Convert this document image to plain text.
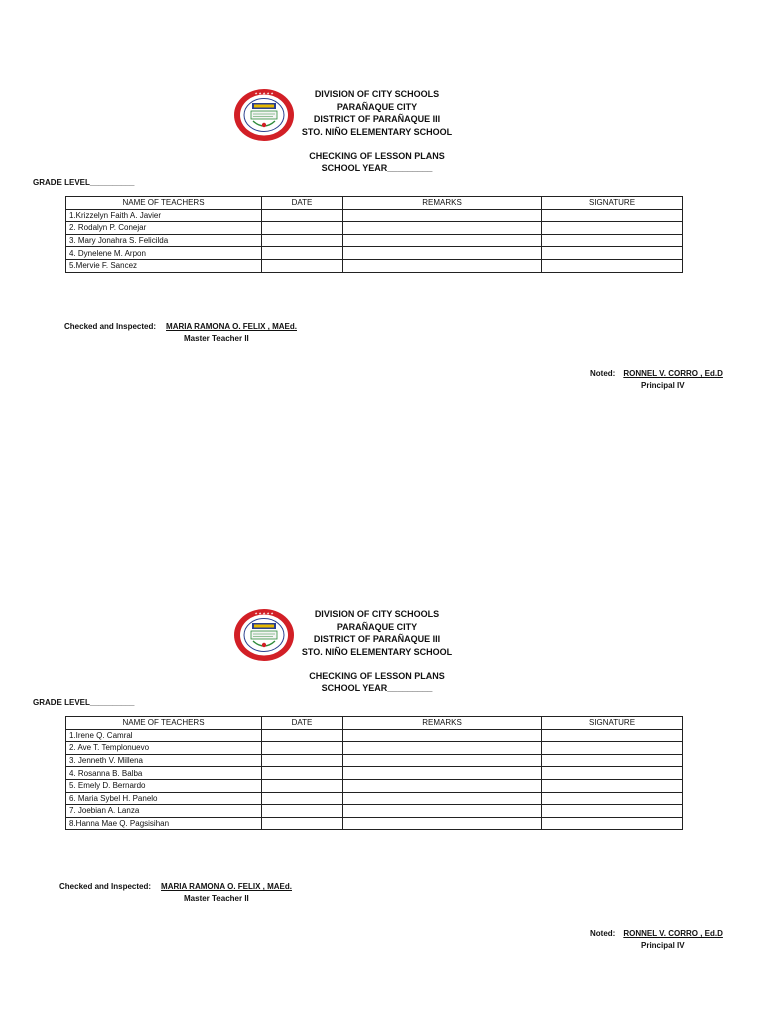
★ ★ ★ ★ ★	DIVISION OF CITY SCHOOLS
PARAÑAQUE CITY
DISTRICT OF PARAÑAQUE III
STO. NIÑO ELEMENTARY SCHOOL
CHECKING OF LESSON PLANS
SCHOOL YEAR_________
GRADE LEVEL__________
NAME OF TEACHERS	DATE	REMARKS	SIGNATURE
1.Krizzelyn Faith A. Javier			
2. Rodalyn P. Conejar			
3. Mary Jonahra S. Felicilda			
4. Dynelene M. Arpon			
5.Mervie F. Sancez			
Checked and Inspected: MARIA RAMONA O. FELIX , MAEd.
Master Teacher II
Noted: RONNEL V. CORRO , Ed.D
Principal IV
★ ★ ★ ★ ★	DIVISION OF CITY SCHOOLS
PARAÑAQUE CITY
DISTRICT OF PARAÑAQUE III
STO. NIÑO ELEMENTARY SCHOOL
CHECKING OF LESSON PLANS
SCHOOL YEAR_________
GRADE LEVEL__________
NAME OF TEACHERS	DATE	REMARKS	SIGNATURE
1.Irene Q. Camral			
2. Ave T. Templonuevo			
3. Jenneth V. Millena			
4. Rosanna B. Balba			
5. Emely D. Bernardo			
6. Maria Sybel H. Panelo			
7. Joebian A. Lanza			
8.Hanna Mae Q. Pagsisihan			
Checked and Inspected: MARIA RAMONA O. FELIX , MAEd.
Master Teacher II
Noted: RONNEL V. CORRO , Ed.D
Principal IV
